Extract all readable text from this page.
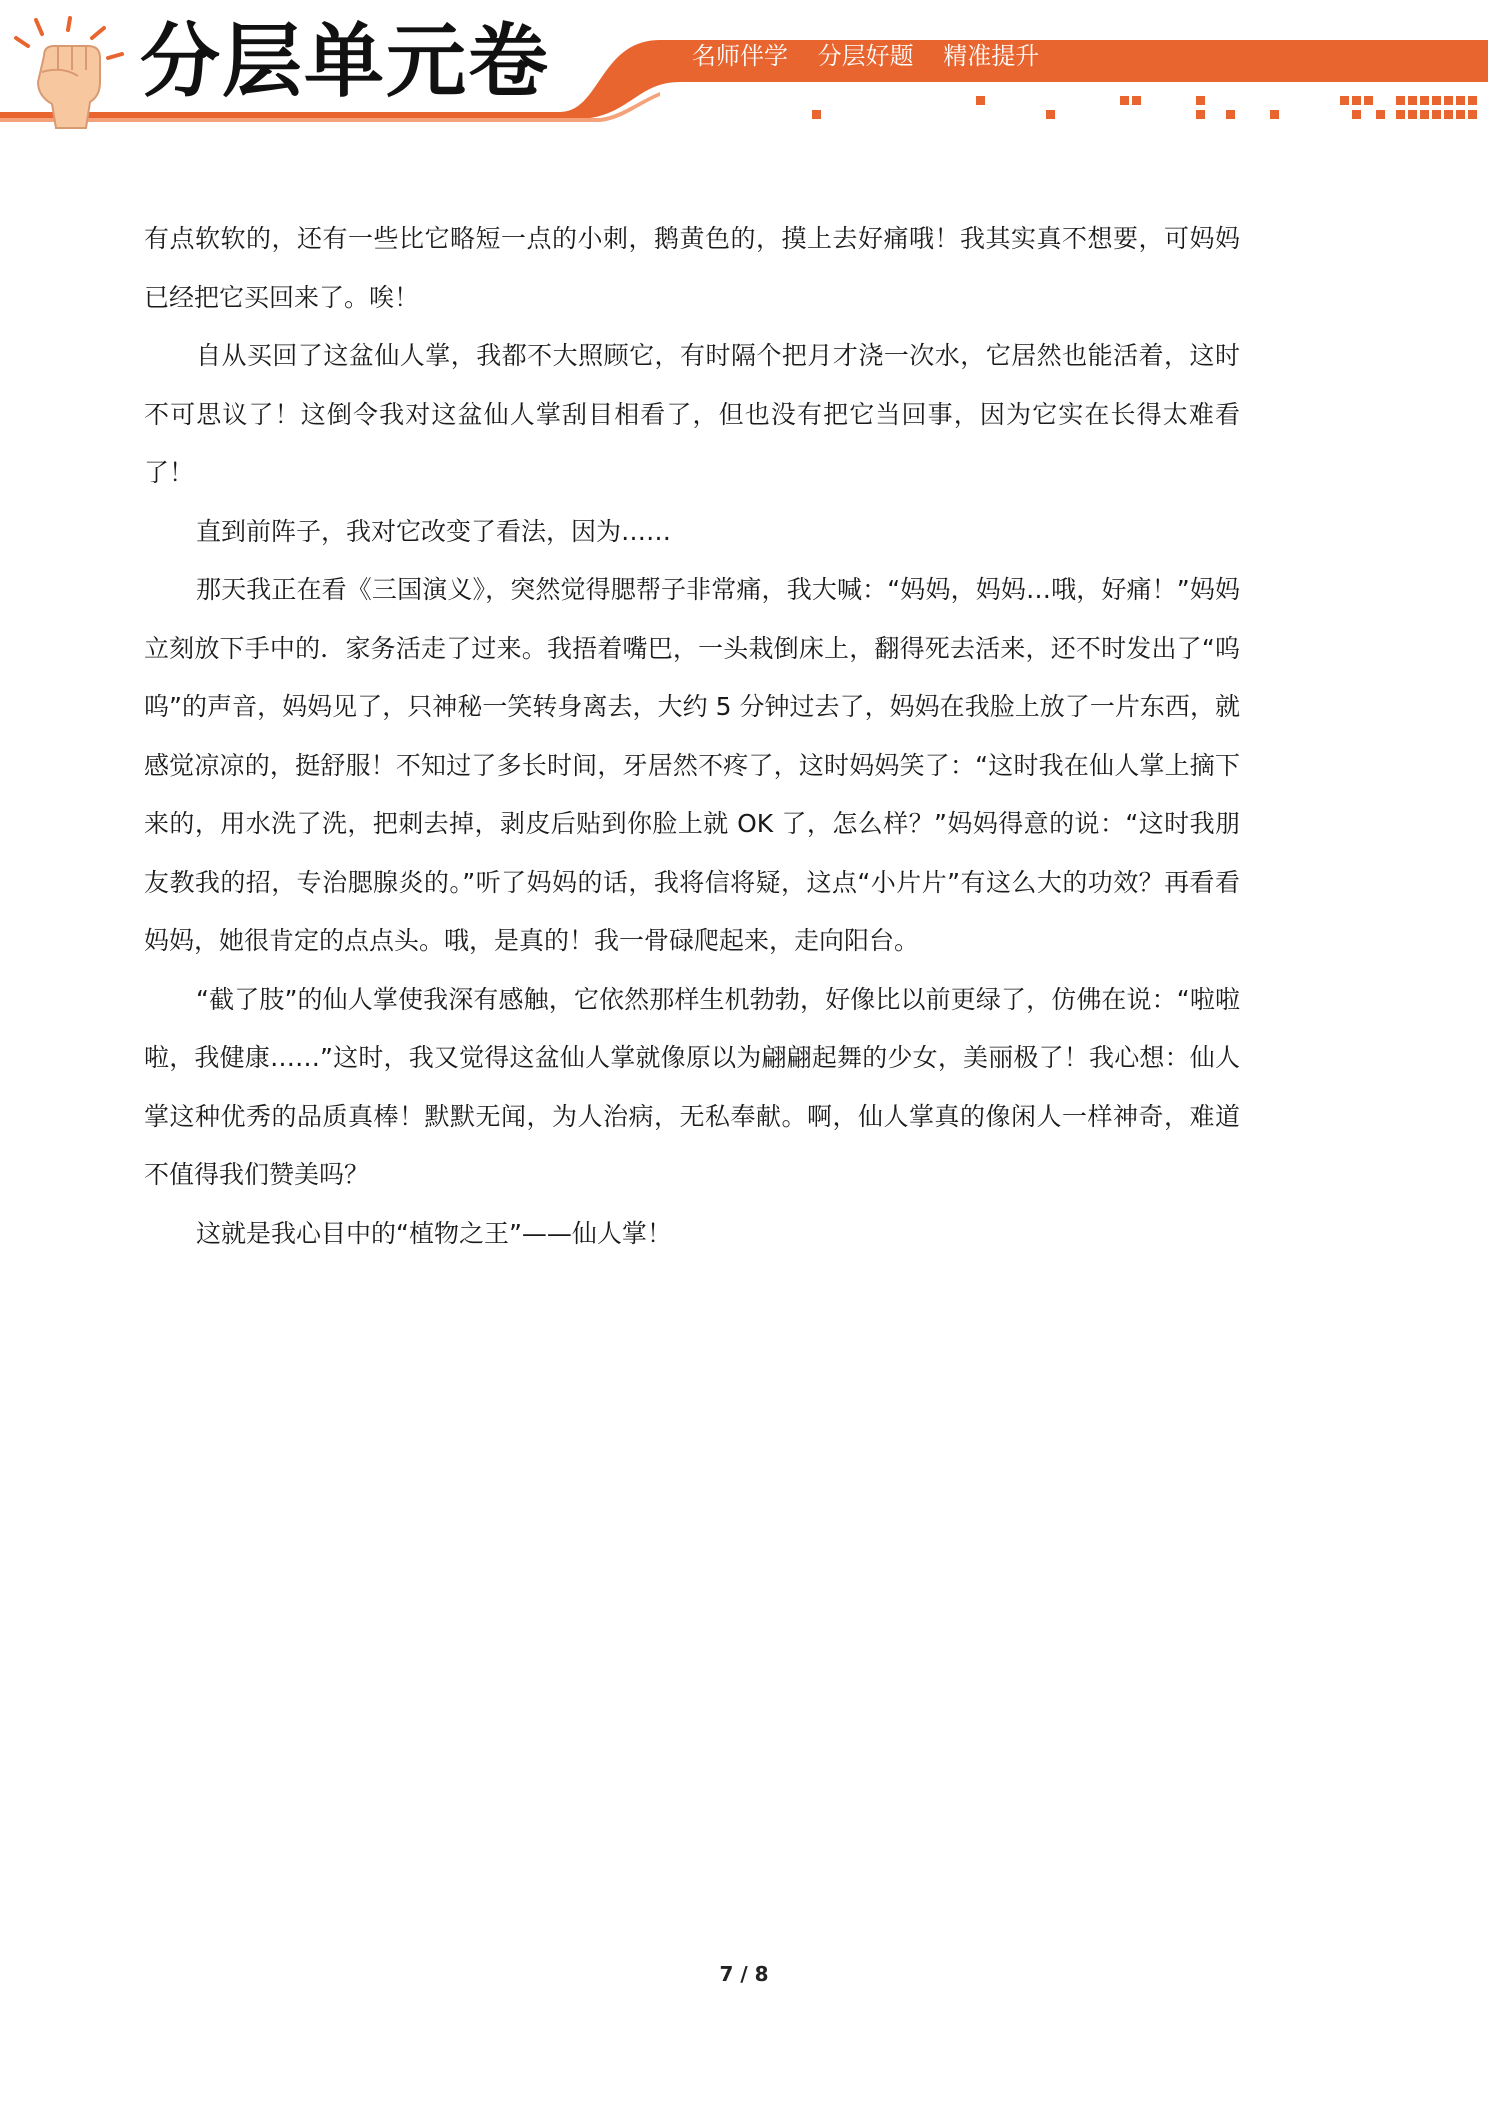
分层单元卷	名师伴学 分层好题 精准提升

有点软软的，还有一些比它略短一点的小刺，鹅黄色的，摸上去好痛哦！我其实真不想要，可妈妈已经把它买回来了。唉！

自从买回了这盆仙人掌，我都不大照顾它，有时隔个把月才浇一次水，它居然也能活着，这时不可思议了！这倒令我对这盆仙人掌刮目相看了，但也没有把它当回事，因为它实在长得太难看了！

直到前阵子，我对它改变了看法，因为……

那天我正在看《三国演义》，突然觉得腮帮子非常痛，我大喊：“妈妈，妈妈…哦，好痛！”妈妈立刻放下手中的．家务活走了过来。我捂着嘴巴，一头栽倒床上，翻得死去活来，还不时发出了“呜呜”的声音，妈妈见了，只神秘一笑转身离去，大约 5 分钟过去了，妈妈在我脸上放了一片东西，就感觉凉凉的，挺舒服！不知过了多长时间，牙居然不疼了，这时妈妈笑了：“这时我在仙人掌上摘下来的，用水洗了洗，把刺去掉，剥皮后贴到你脸上就 OK 了，怎么样？”妈妈得意的说：“这时我朋友教我的招，专治腮腺炎的。”听了妈妈的话，我将信将疑，这点“小片片”有这么大的功效？再看看妈妈，她很肯定的点点头。哦，是真的！我一骨碌爬起来，走向阳台。

“截了肢”的仙人掌使我深有感触，它依然那样生机勃勃，好像比以前更绿了，仿佛在说：“啦啦啦，我健康……”这时，我又觉得这盆仙人掌就像原以为翩翩起舞的少女，美丽极了！我心想：仙人掌这种优秀的品质真棒！默默无闻，为人治病，无私奉献。啊，仙人掌真的像闲人一样神奇，难道不值得我们赞美吗？

这就是我心目中的“植物之王”——仙人掌！

7 / 8
